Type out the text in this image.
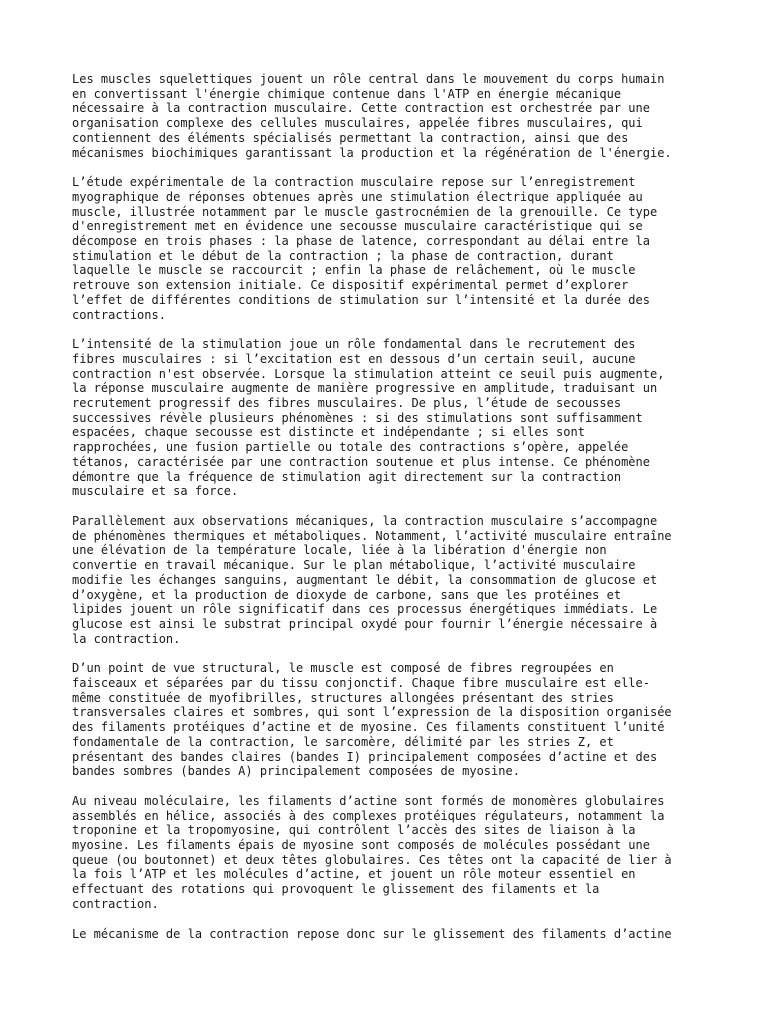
Les muscles squelettiques jouent un rôle central dans le mouvement du corps humain
en convertissant l'énergie chimique contenue dans l'ATP en énergie mécanique
nécessaire à la contraction musculaire. Cette contraction est orchestrée par une
organisation complexe des cellules musculaires, appelée fibres musculaires, qui
contiennent des éléments spécialisés permettant la contraction, ainsi que des
mécanismes biochimiques garantissant la production et la régénération de l'énergie.

L’étude expérimentale de la contraction musculaire repose sur l’enregistrement
myographique de réponses obtenues après une stimulation électrique appliquée au
muscle, illustrée notamment par le muscle gastrocnémien de la grenouille. Ce type
d'enregistrement met en évidence une secousse musculaire caractéristique qui se
décompose en trois phases : la phase de latence, correspondant au délai entre la
stimulation et le début de la contraction ; la phase de contraction, durant
laquelle le muscle se raccourcit ; enfin la phase de relâchement, où le muscle
retrouve son extension initiale. Ce dispositif expérimental permet d’explorer
l’effet de différentes conditions de stimulation sur l’intensité et la durée des
contractions.

L’intensité de la stimulation joue un rôle fondamental dans le recrutement des
fibres musculaires : si l’excitation est en dessous d’un certain seuil, aucune
contraction n'est observée. Lorsque la stimulation atteint ce seuil puis augmente,
la réponse musculaire augmente de manière progressive en amplitude, traduisant un
recrutement progressif des fibres musculaires. De plus, l’étude de secousses
successives révèle plusieurs phénomènes : si des stimulations sont suffisamment
espacées, chaque secousse est distincte et indépendante ; si elles sont
rapprochées, une fusion partielle ou totale des contractions s’opère, appelée
tétanos, caractérisée par une contraction soutenue et plus intense. Ce phénomène
démontre que la fréquence de stimulation agit directement sur la contraction
musculaire et sa force.

Parallèlement aux observations mécaniques, la contraction musculaire s’accompagne
de phénomènes thermiques et métaboliques. Notamment, l’activité musculaire entraîne
une élévation de la température locale, liée à la libération d'énergie non
convertie en travail mécanique. Sur le plan métabolique, l’activité musculaire
modifie les échanges sanguins, augmentant le débit, la consommation de glucose et
d’oxygène, et la production de dioxyde de carbone, sans que les protéines et
lipides jouent un rôle significatif dans ces processus énergétiques immédiats. Le
glucose est ainsi le substrat principal oxydé pour fournir l’énergie nécessaire à
la contraction.

D’un point de vue structural, le muscle est composé de fibres regroupées en
faisceaux et séparées par du tissu conjonctif. Chaque fibre musculaire est elle-
même constituée de myofibrilles, structures allongées présentant des stries
transversales claires et sombres, qui sont l’expression de la disposition organisée
des filaments protéiques d’actine et de myosine. Ces filaments constituent l’unité
fondamentale de la contraction, le sarcomère, délimité par les stries Z, et
présentant des bandes claires (bandes I) principalement composées d’actine et des
bandes sombres (bandes A) principalement composées de myosine.

Au niveau moléculaire, les filaments d’actine sont formés de monomères globulaires
assemblés en hélice, associés à des complexes protéiques régulateurs, notamment la
troponine et la tropomyosine, qui contrôlent l’accès des sites de liaison à la
myosine. Les filaments épais de myosine sont composés de molécules possédant une
queue (ou boutonnet) et deux têtes globulaires. Ces têtes ont la capacité de lier à
la fois l’ATP et les molécules d’actine, et jouent un rôle moteur essentiel en
effectuant des rotations qui provoquent le glissement des filaments et la
contraction.

Le mécanisme de la contraction repose donc sur le glissement des filaments d’actine
